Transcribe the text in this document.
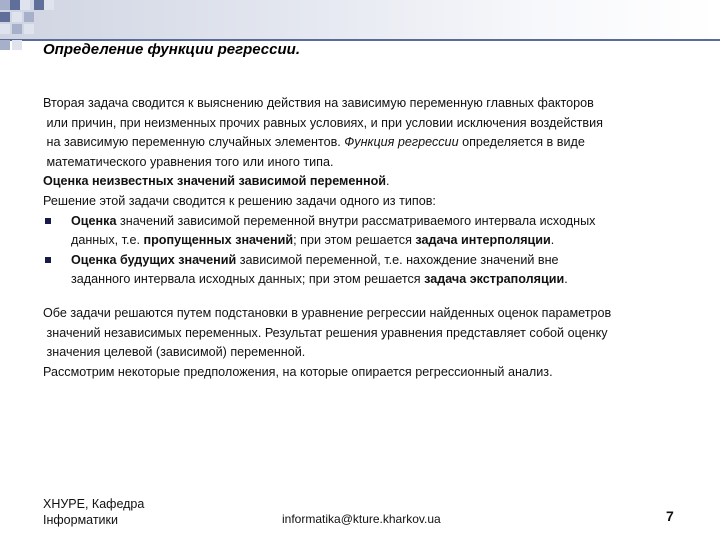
Определение функции регрессии.

Вторая задача сводится к выяснению действия на зависимую переменную главных факторов
или причин, при неизменных прочих равных условиях, и при условии исключения воздействия
на зависимую переменную случайных элементов. Функция регрессии определяется в виде
математического уравнения того или иного типа.

Оценка неизвестных значений зависимой переменной.

Решение этой задачи сводится к решению задачи одного из типов:

Оценка значений зависимой переменной внутри рассматриваемого интервала исходных
данных, т.е. пропущенных значений; при этом решается задача интерполяции.
Оценка будущих значений зависимой переменной, т.е. нахождение значений вне
заданного интервала исходных данных; при этом решается задача экстраполяции.

Обе задачи решаются путем подстановки в уравнение регрессии найденных оценок параметров
значений независимых переменных. Результат решения уравнения представляет собой оценку
значения целевой (зависимой) переменной.

Рассмотрим некоторые предположения, на которые опирается регрессионный анализ.

ХНУРЕ, Кафедра
Інформатики	informatika@kture.kharkov.ua	7
